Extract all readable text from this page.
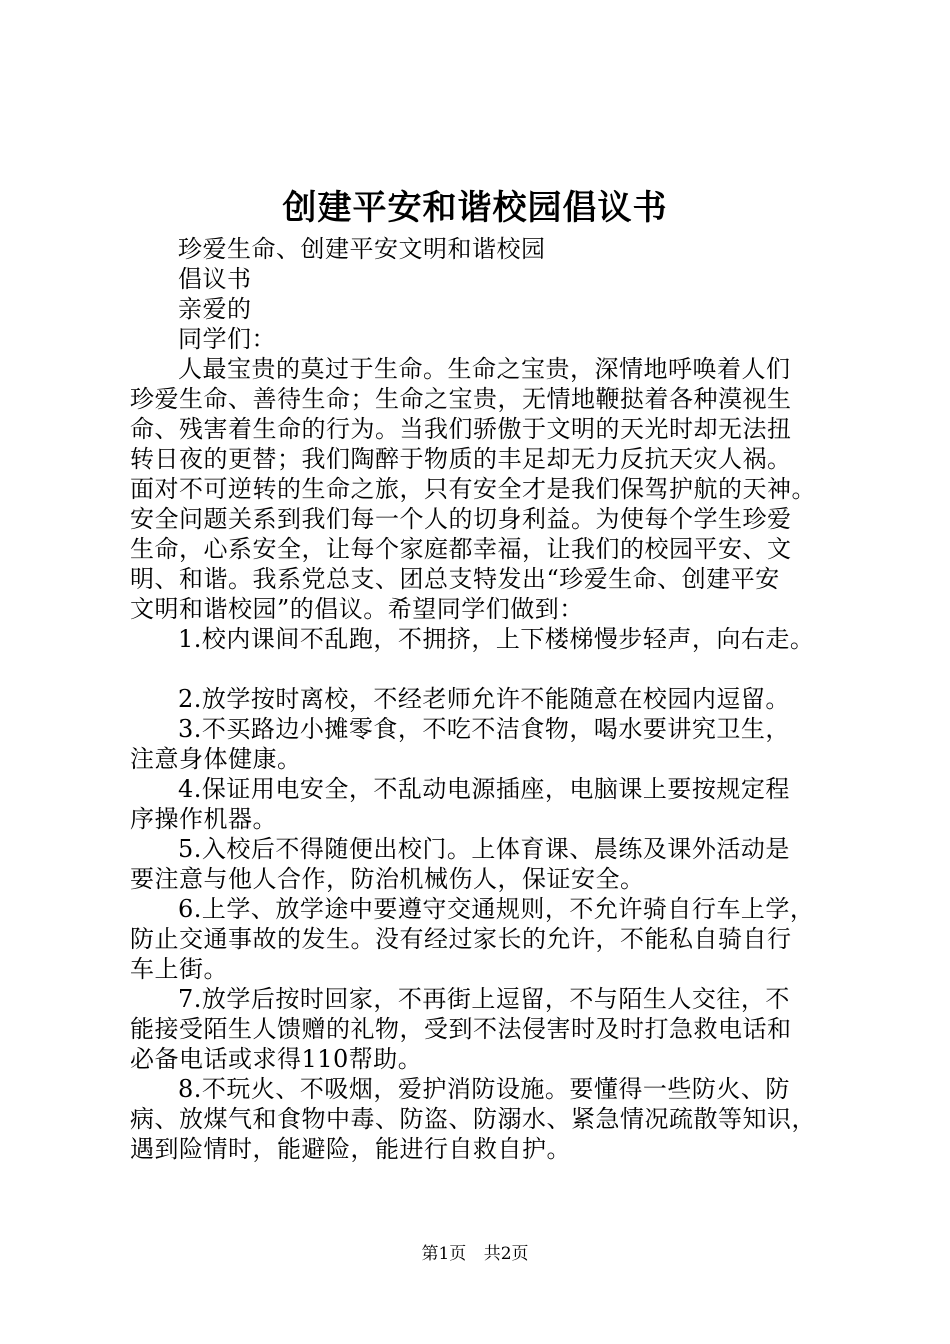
创建平安和谐校园倡议书

珍爱生命、创建平安文明和谐校园

倡议书

亲爱的

同学们：

人最宝贵的莫过于生命。生命之宝贵，深情地呼唤着人们

珍爱生命、善待生命；生命之宝贵，无情地鞭挞着各种漠视生

命、残害着生命的行为。当我们骄傲于文明的天光时却无法扭

转日夜的更替；我们陶醉于物质的丰足却无力反抗天灾人祸。

面对不可逆转的生命之旅，只有安全才是我们保驾护航的天神。

安全问题关系到我们每一个人的切身利益。为使每个学生珍爱

生命，心系安全，让每个家庭都幸福，让我们的校园平安、文

明、和谐。我系党总支、团总支特发出“珍爱生命、创建平安

文明和谐校园”的倡议。希望同学们做到：

1.校内课间不乱跑，不拥挤，上下楼梯慢步轻声，向右走。

2.放学按时离校，不经老师允许不能随意在校园内逗留。

3.不买路边小摊零食，不吃不洁食物，喝水要讲究卫生，

注意身体健康。

4.保证用电安全，不乱动电源插座，电脑课上要按规定程

序操作机器。

5.入校后不得随便出校门。上体育课、晨练及课外活动是

要注意与他人合作，防治机械伤人，保证安全。

6.上学、放学途中要遵守交通规则，不允许骑自行车上学，

防止交通事故的发生。没有经过家长的允许，不能私自骑自行

车上街。

7.放学后按时回家，不再街上逗留，不与陌生人交往，不

能接受陌生人馈赠的礼物，受到不法侵害时及时打急救电话和

必备电话或求得110帮助。

8.不玩火、不吸烟，爱护消防设施。要懂得一些防火、防

病、放煤气和食物中毒、防盗、防溺水、紧急情况疏散等知识，

遇到险情时，能避险，能进行自救自护。

第1页 共2页
